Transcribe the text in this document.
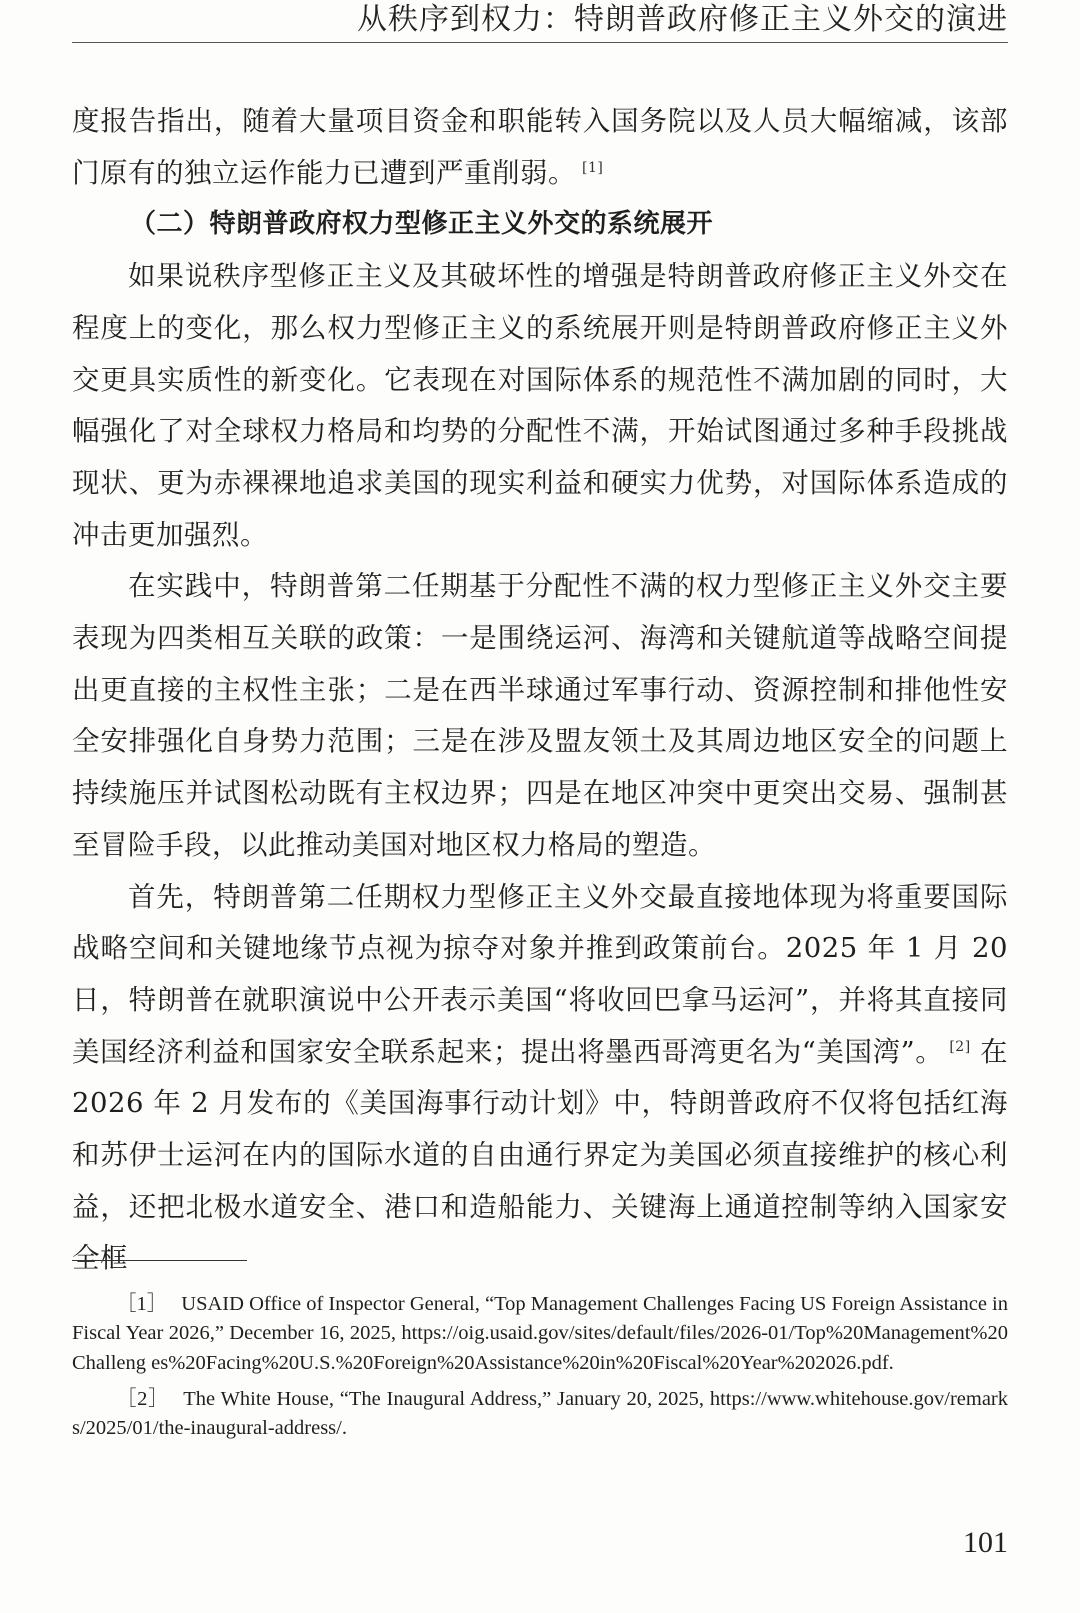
从秩序到权力：特朗普政府修正主义外交的演进

度报告指出，随着大量项目资金和职能转入国务院以及人员大幅缩减，该部门原有的独立运作能力已遭到严重削弱。 [1]

（二）特朗普政府权力型修正主义外交的系统展开

如果说秩序型修正主义及其破坏性的增强是特朗普政府修正主义外交在程度上的变化，那么权力型修正主义的系统展开则是特朗普政府修正主义外交更具实质性的新变化。它表现在对国际体系的规范性不满加剧的同时，大幅强化了对全球权力格局和均势的分配性不满，开始试图通过多种手段挑战现状、更为赤裸裸地追求美国的现实利益和硬实力优势，对国际体系造成的冲击更加强烈。

在实践中，特朗普第二任期基于分配性不满的权力型修正主义外交主要表现为四类相互关联的政策：一是围绕运河、海湾和关键航道等战略空间提出更直接的主权性主张；二是在西半球通过军事行动、资源控制和排他性安全安排强化自身势力范围；三是在涉及盟友领土及其周边地区安全的问题上持续施压并试图松动既有主权边界；四是在地区冲突中更突出交易、强制甚至冒险手段，以此推动美国对地区权力格局的塑造。

首先，特朗普第二任期权力型修正主义外交最直接地体现为将重要国际战略空间和关键地缘节点视为掠夺对象并推到政策前台。2025 年 1 月 20 日，特朗普在就职演说中公开表示美国“将收回巴拿马运河”，并将其直接同美国经济利益和国家安全联系起来；提出将墨西哥湾更名为“美国湾”。 [2] 在 2026 年 2 月发布的《美国海事行动计划》中，特朗普政府不仅将包括红海和苏伊士运河在内的国际水道的自由通行界定为美国必须直接维护的核心利益，还把北极水道安全、港口和造船能力、关键海上通道控制等纳入国家安全框

［1］ USAID Office of Inspector General, “Top Management Challenges Facing US Foreign Assistance in Fiscal Year 2026,” December 16, 2025, https://oig.usaid.gov/sites/default/files/2026-01/Top%20Management%20Challeng es%20Facing%20U.S.%20Foreign%20Assistance%20in%20Fiscal%20Year%202026.pdf.

［2］ The White House, “The Inaugural Address,” January 20, 2025, https://www.whitehouse.gov/remarks/2025/01/the-inaugural-address/.

101
